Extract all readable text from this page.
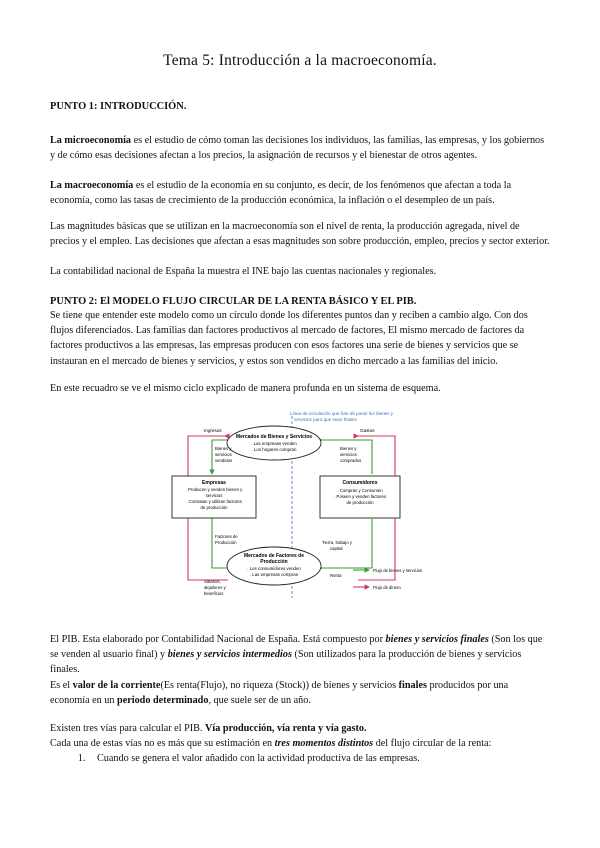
Tema 5: Introducción a la macroeconomía.
PUNTO 1: INTRODUCCIÓN.
La microeconomía es el estudio de cómo toman las decisiones los individuos, las familias, las empresas, y los gobiernos y de cómo esas decisiones afectan a los precios, la asignación de recursos y el bienestar de otros agentes.
La macroeconomía es el estudio de la economía en su conjunto, es decir, de los fenómenos que afectan a toda la economía, como las tasas de crecimiento de la producción económica, la inflación o el desempleo de un país.
Las magnitudes básicas que se utilizan en la macroeconomía son el nivel de renta, la producción agregada, nivel de precios y el empleo. Las decisiones que afectan a esas magnitudes son sobre producción, empleo, precios y sector exterior.
La contabilidad nacional de España la muestra el INE bajo las cuentas nacionales y regionales.
PUNTO 2: El MODELO FLUJO CIRCULAR DE LA RENTA BÁSICO Y EL PIB.
Se tiene que entender este modelo como un círculo donde los diferentes puntos dan y reciben a cambio algo. Con dos flujos diferenciados. Las familias dan factores productivos al mercado de factores, El mismo mercado de factores da factores productivos a las empresas, las empresas producen con esos factores una serie de bienes y servicios que se instauran en el mercado de bienes y servicios, y estos son vendidos en dicho mercado a las familias del inicio.
En este recuadro se ve el mismo ciclo explicado de manera profunda en un sistema de esquema.
Linea de circulación que han de pasar los bienes y
servicios para que sean finales
Mercados de Bienes y Servicios
. Las empresas venden
. Los hogares compran
Mercados de Factores de
Producción
. Los consumidores venden
. Las empresas compran
Empresas
. Producen y venden bienes y
servicios
. Contratan y utilizan factores
de producción
Consumidores
. Compran y Consumen
. Poseen y venden factores
de producción
Ingresos	Gastos
Bienes y
servicios
vendidos
Bienes y
servicios
comprados
Factores de
Producción	Tierra, trabajo y
capital
Salarios,
alquileres y
beneficios
Renta
Flujo de bienes y servicios
Flujo de dinero
El PIB. Esta elaborado por Contabilidad Nacional de España. Está compuesto por bienes y servicios finales (Son los que se venden al usuario final) y bienes y servicios intermedios (Son utilizados para la producción de bienes y servicios finales.
Es el valor de la corriente(Es renta(Flujo), no riqueza (Stock)) de bienes y servicios finales producidos por una economía en un periodo determinado, que suele ser de un año.
Existen tres vías para calcular el PIB. Vía producción, vía renta y vía gasto.
Cada una de estas vías no es más que su estimación en tres momentos distintos del flujo circular de la renta:
1. Cuando se genera el valor añadido con la actividad productiva de las empresas.
